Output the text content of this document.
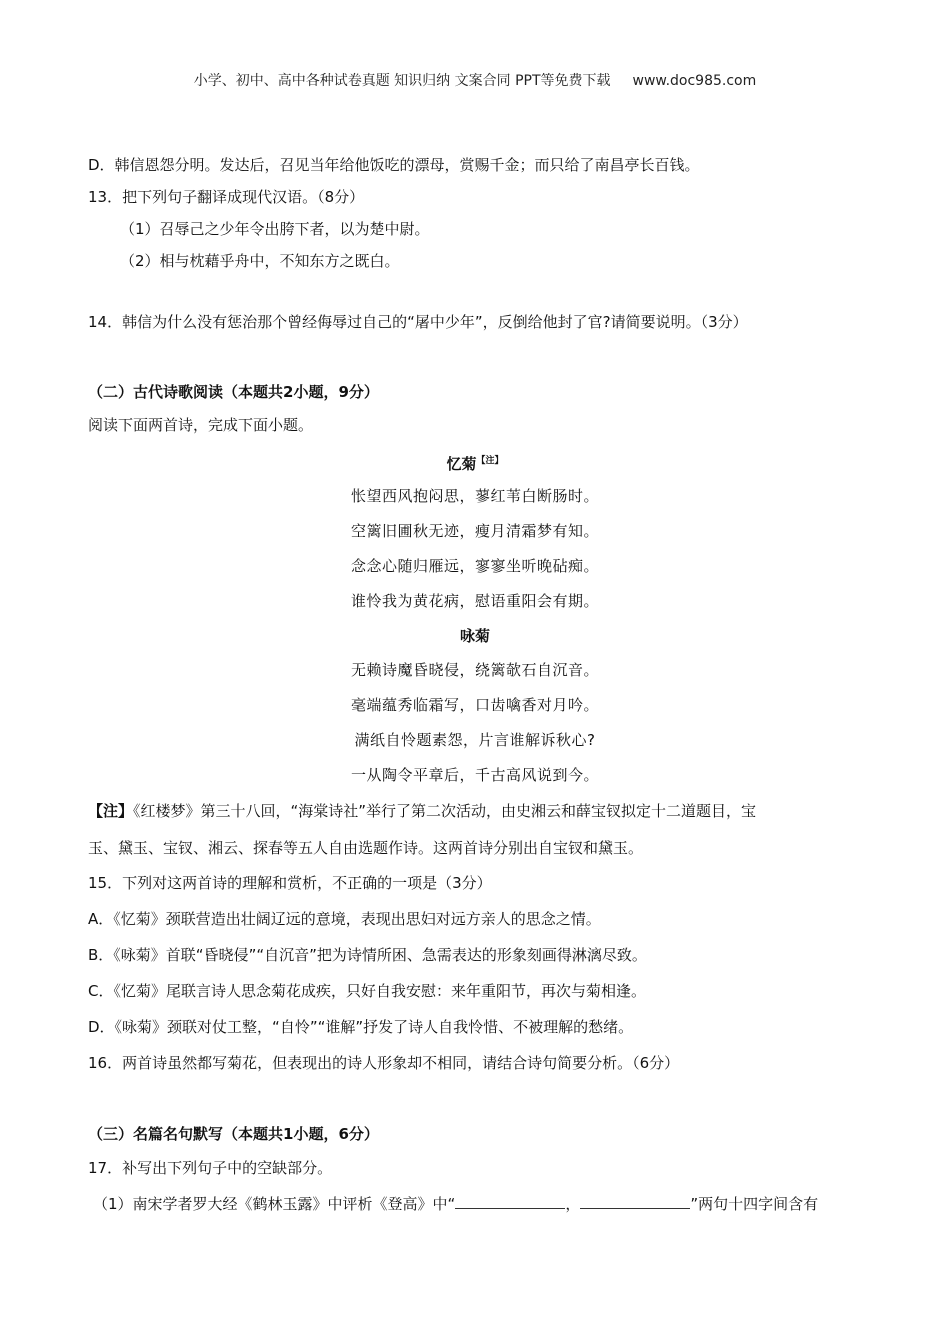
小学、初中、高中各种试卷真题 知识归纳 文案合同 PPT等免费下载 www.doc985.com
D．韩信恩怨分明。发达后，召见当年给他饭吃的漂母，赏赐千金；而只给了南昌亭长百钱。
13．把下列句子翻译成现代汉语。（8分）
（1）召辱己之少年令出胯下者，以为楚中尉。
（2）相与枕藉乎舟中，不知东方之既白。
14．韩信为什么没有惩治那个曾经侮辱过自己的“屠中少年”，反倒给他封了官?请简要说明。（3分）
（二）古代诗歌阅读（本题共2小题，9分）
阅读下面两首诗，完成下面小题。
忆菊$^{【注】}$
怅望西风抱闷思，蓼红苇白断肠时。
空篱旧圃秋无迹，瘦月清霜梦有知。
念念心随归雁远，寥寥坐听晚砧痴。
谁怜我为黄花病，慰语重阳会有期。
咏菊
无赖诗魔昏晓侵，绕篱欹石自沉音。
毫端蕴秀临霜写，口齿噙香对月吟。
满纸自怜题素怨，片言谁解诉秋心?
一从陶令平章后，千古高风说到今。
【注】《红楼梦》第三十八回，“海棠诗社”举行了第二次活动，由史湘云和薛宝钗拟定十二道题目，宝
玉、黛玉、宝钗、湘云、探春等五人自由选题作诗。这两首诗分别出自宝钗和黛玉。
15．下列对这两首诗的理解和赏析，不正确的一项是（3分）
A．《忆菊》颈联营造出壮阔辽远的意境，表现出思妇对远方亲人的思念之情。
B．《咏菊》首联“昏晓侵”“自沉音”把为诗情所困、急需表达的形象刻画得淋漓尽致。
C．《忆菊》尾联言诗人思念菊花成疾，只好自我安慰：来年重阳节，再次与菊相逢。
D．《咏菊》颈联对仗工整，“自怜”“谁解”抒发了诗人自我怜惜、不被理解的愁绪。
16．两首诗虽然都写菊花，但表现出的诗人形象却不相同，请结合诗句简要分析。（6分）
（三）名篇名句默写（本题共1小题，6分）
17．补写出下列句子中的空缺部分。
（1）南宋学者罗大经《鹤林玉露》中评析《登高》中“	，	”两句十四字间含有
